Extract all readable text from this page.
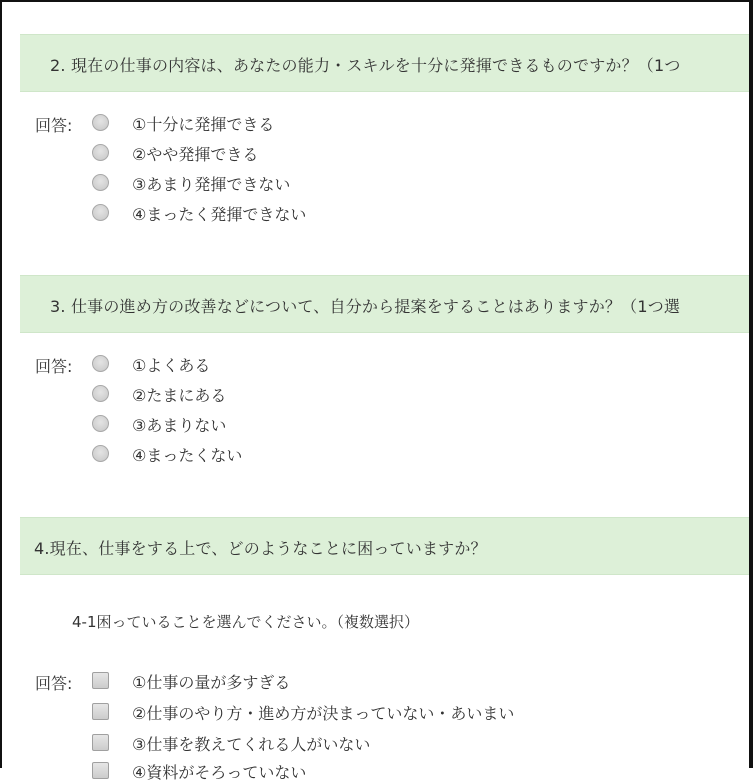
2. 現在の仕事の内容は、あなたの能力・スキルを十分に発揮できるものですか？（1つ
回答:	①十分に発揮できる
②やや発揮できる
③あまり発揮できない
④まったく発揮できない
3. 仕事の進め方の改善などについて、自分から提案をすることはありますか？（1つ選
回答:	①よくある
②たまにある
③あまりない
④まったくない
4.現在、仕事をする上で、どのようなことに困っていますか？
4-1困っていることを選んでください。（複数選択）
回答:	①仕事の量が多すぎる
②仕事のやり方・進め方が決まっていない・あいまい
③仕事を教えてくれる人がいない
④資料がそろっていない
